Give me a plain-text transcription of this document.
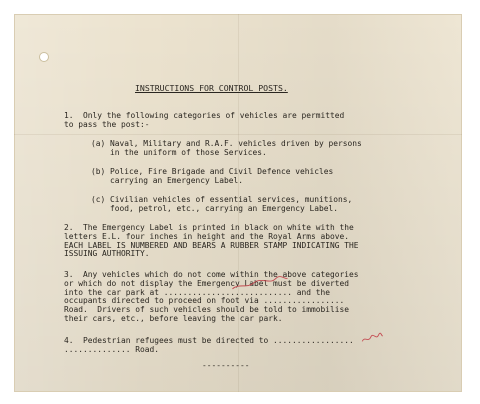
INSTRUCTIONS FOR CONTROL POSTS.

1.  Only the following categories of vehicles are permitted
to pass the post:-

(a) Naval, Military and R.A.F. vehicles driven by persons
in the uniform of those Services.

(b) Police, Fire Brigade and Civil Defence vehicles
carrying an Emergency Label.

(c) Civilian vehicles of essential services, munitions,
food, petrol, etc., carrying an Emergency Label.

2.  The Emergency Label is printed in black on white with the
letters E.L. four inches in height and the Royal Arms above.
EACH LABEL IS NUMBERED AND BEARS A RUBBER STAMP INDICATING THE
ISSUING AUTHORITY.

3.  Any vehicles which do not come within the above categories
or which do not display the Emergency Label must be diverted
into the car park at ........................... and the
occupants directed to proceed on foot via .................
Road.  Drivers of such vehicles should be told to immobilise
their cars, etc., before leaving the car park.

4.  Pedestrian refugees must be directed to .................
.............. Road.

----------
